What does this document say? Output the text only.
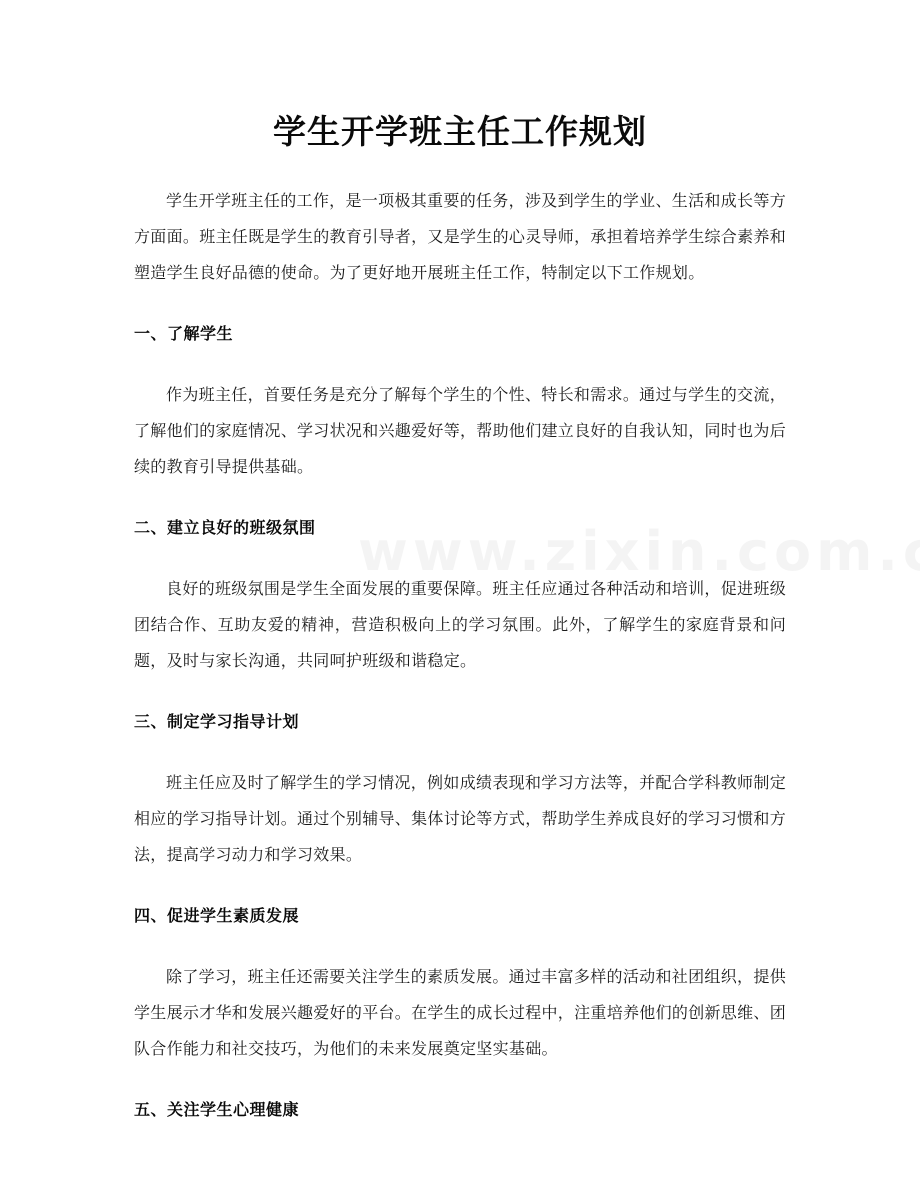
学生开学班主任工作规划

学生开学班主任的工作，是一项极其重要的任务，涉及到学生的学业、生活和成长等方方面面。班主任既是学生的教育引导者，又是学生的心灵导师，承担着培养学生综合素养和塑造学生良好品德的使命。为了更好地开展班主任工作，特制定以下工作规划。

一、了解学生

作为班主任，首要任务是充分了解每个学生的个性、特长和需求。通过与学生的交流，了解他们的家庭情况、学习状况和兴趣爱好等，帮助他们建立良好的自我认知，同时也为后续的教育引导提供基础。

二、建立良好的班级氛围

良好的班级氛围是学生全面发展的重要保障。班主任应通过各种活动和培训，促进班级团结合作、互助友爱的精神，营造积极向上的学习氛围。此外，了解学生的家庭背景和问题，及时与家长沟通，共同呵护班级和谐稳定。

三、制定学习指导计划

班主任应及时了解学生的学习情况，例如成绩表现和学习方法等，并配合学科教师制定相应的学习指导计划。通过个别辅导、集体讨论等方式，帮助学生养成良好的学习习惯和方法，提高学习动力和学习效果。

四、促进学生素质发展

除了学习，班主任还需要关注学生的素质发展。通过丰富多样的活动和社团组织，提供学生展示才华和发展兴趣爱好的平台。在学生的成长过程中，注重培养他们的创新思维、团队合作能力和社交技巧，为他们的未来发展奠定坚实基础。

五、关注学生心理健康
